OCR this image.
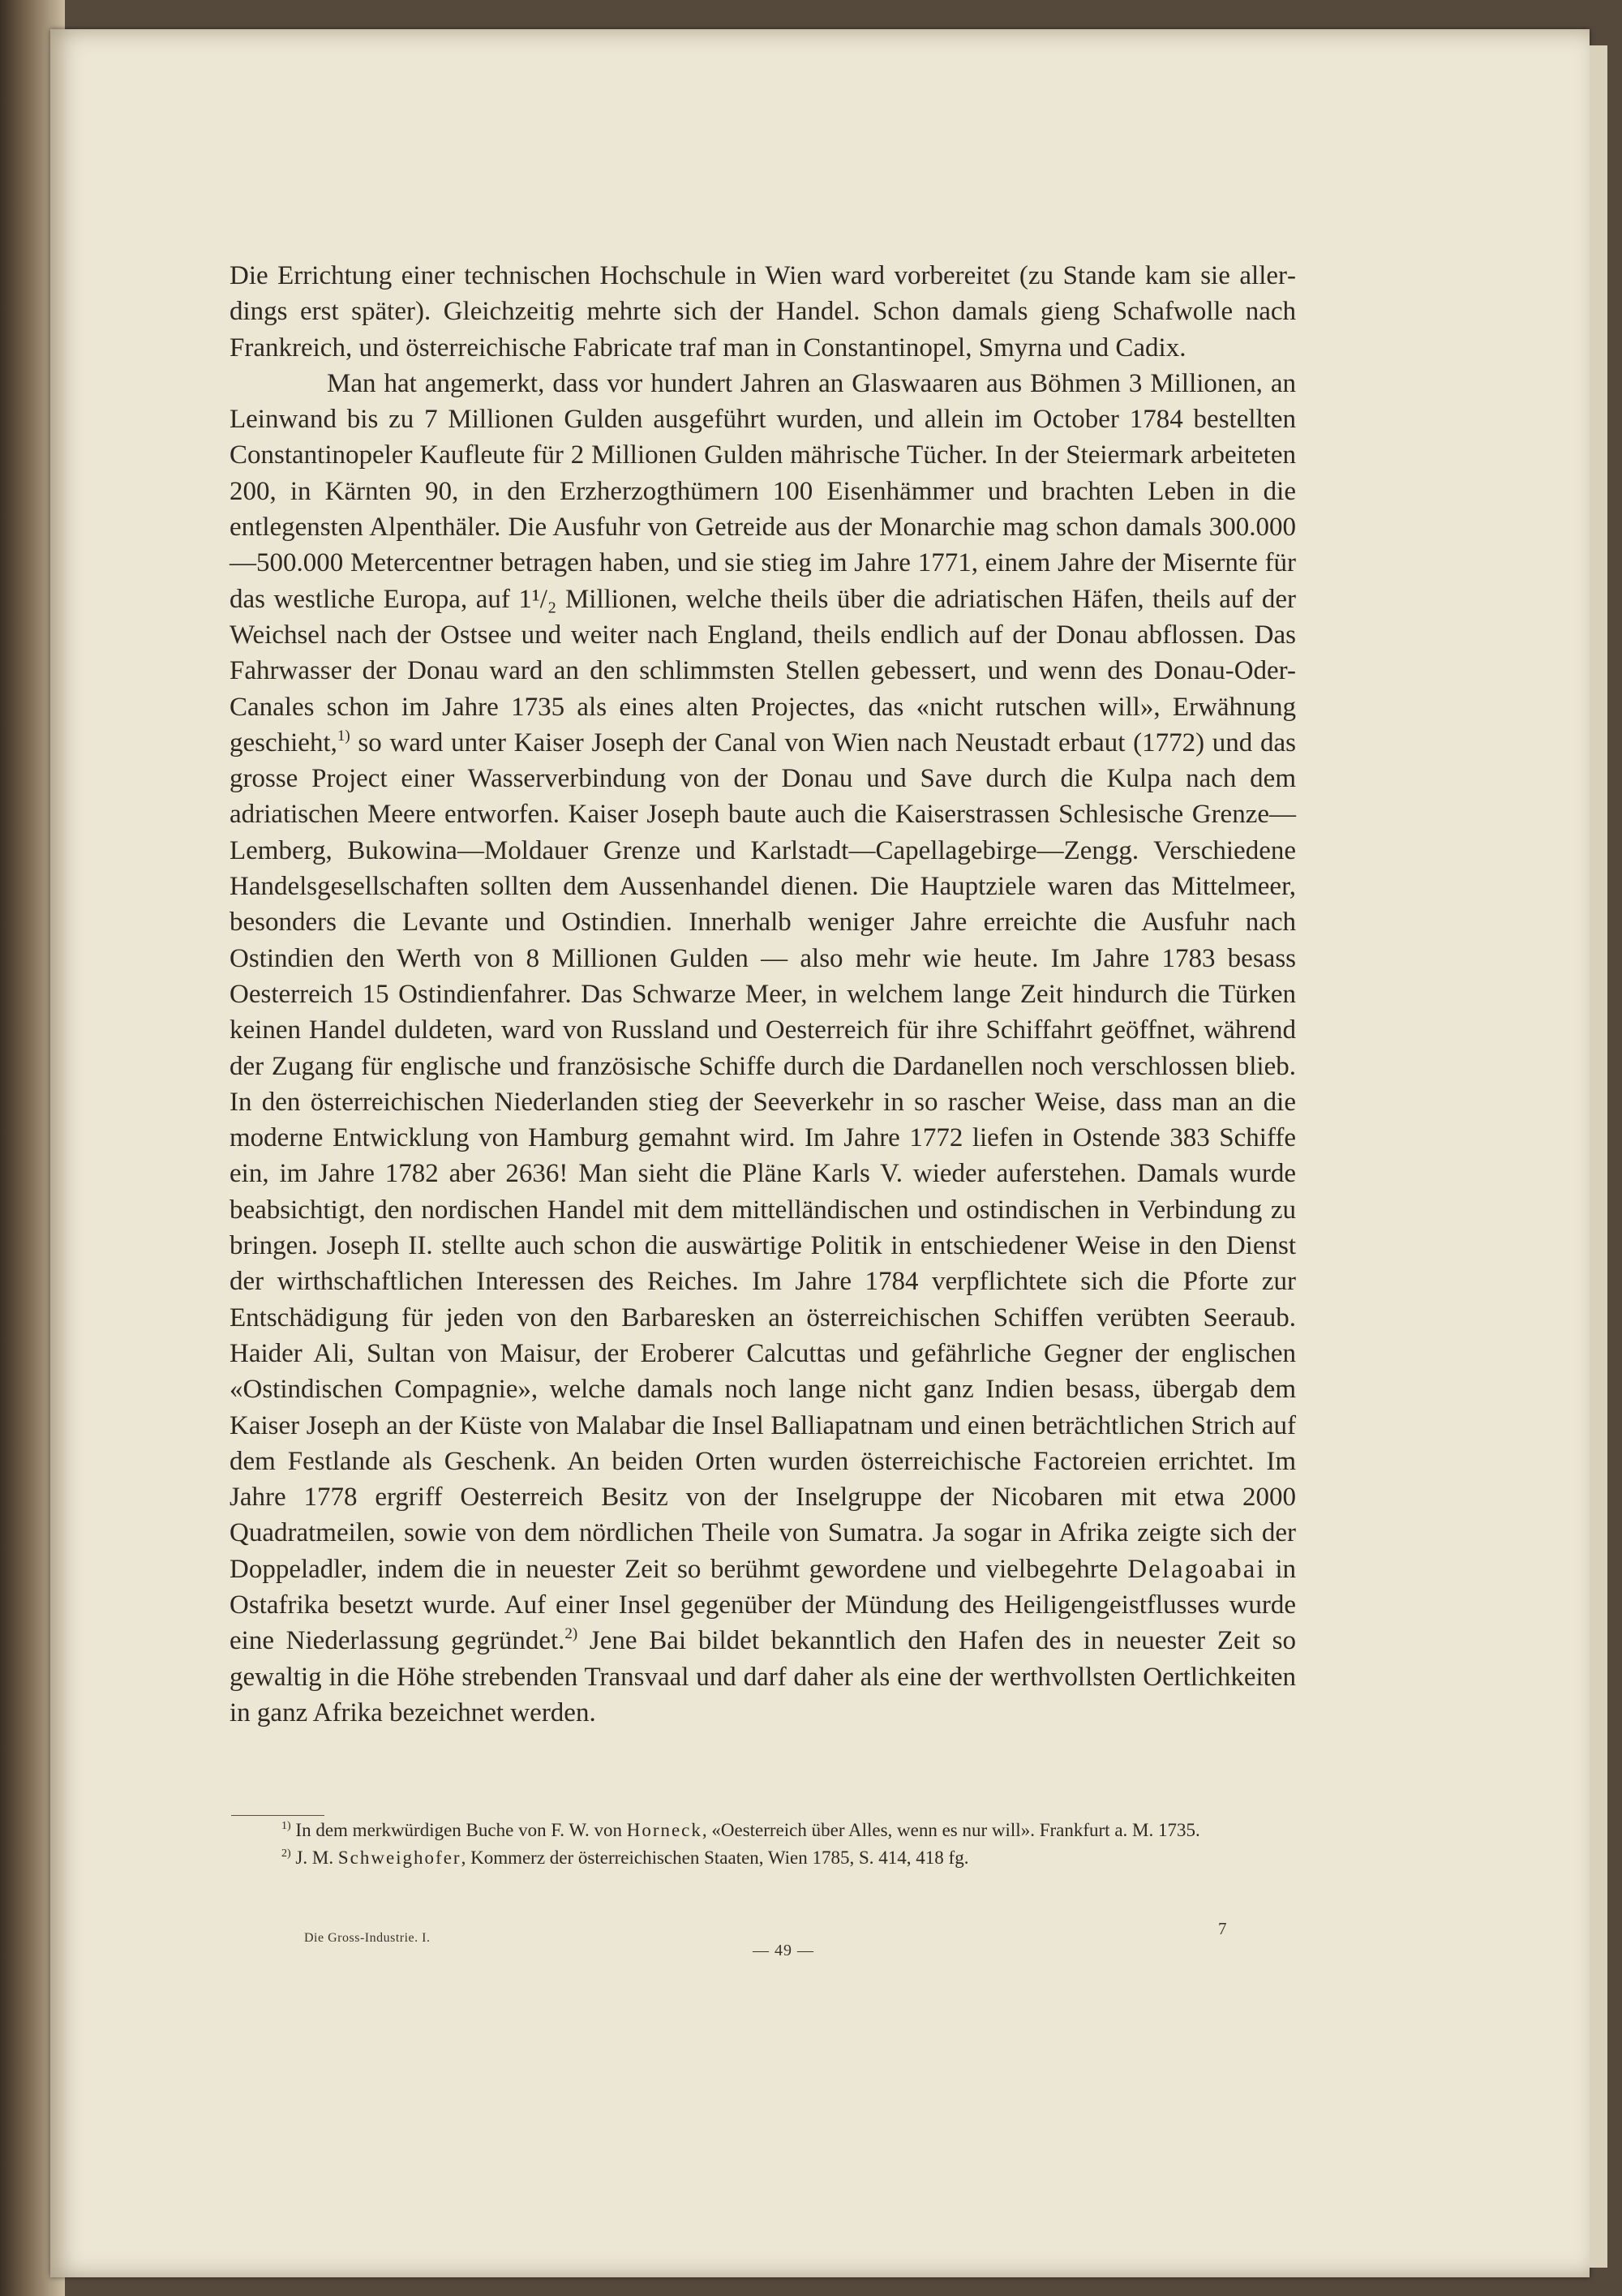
Die Errichtung einer technischen Hochschule in Wien ward vorbereitet (zu Stande kam sie allerdings erst später). Gleichzeitig mehrte sich der Handel. Schon damals gieng Schafwolle nach Frankreich, und österreichische Fabricate traf man in Constantinopel, Smyrna und Cadix.

Man hat angemerkt, dass vor hundert Jahren an Glaswaaren aus Böhmen 3 Millionen, an Leinwand bis zu 7 Millionen Gulden ausgeführt wurden, und allein im October 1784 bestellten Constantinopeler Kaufleute für 2 Millionen Gulden mährische Tücher. In der Steiermark arbeiteten 200, in Kärnten 90, in den Erzherzogthümern 100 Eisenhämmer und brachten Leben in die entlegensten Alpenthäler. Die Ausfuhr von Getreide aus der Monarchie mag schon damals 300.000—500.000 Metercentner betragen haben, und sie stieg im Jahre 1771, einem Jahre der Misernte für das westliche Europa, auf 1¹/₂ Millionen, welche theils über die adriatischen Häfen, theils auf der Weichsel nach der Ostsee und weiter nach England, theils endlich auf der Donau abflossen. Das Fahrwasser der Donau ward an den schlimmsten Stellen gebessert, und wenn des Donau-Oder-Canales schon im Jahre 1735 als eines alten Projectes, das «nicht rutschen will», Erwähnung geschieht,$^{1)}$ so ward unter Kaiser Joseph der Canal von Wien nach Neustadt erbaut (1772) und das grosse Project einer Wasserverbindung von der Donau und Save durch die Kulpa nach dem adriatischen Meere entworfen. Kaiser Joseph baute auch die Kaiserstrassen Schlesische Grenze—Lemberg, Bukowina—Moldauer Grenze und Karlstadt—Capellagebirge—Zengg. Verschiedene Handelsgesellschaften sollten dem Aussenhandel dienen. Die Hauptziele waren das Mittelmeer, besonders die Levante und Ostindien. Innerhalb weniger Jahre erreichte die Ausfuhr nach Ostindien den Werth von 8 Millionen Gulden — also mehr wie heute. Im Jahre 1783 besass Oesterreich 15 Ostindienfahrer. Das Schwarze Meer, in welchem lange Zeit hindurch die Türken keinen Handel duldeten, ward von Russland und Oesterreich für ihre Schiffahrt geöffnet, während der Zugang für englische und französische Schiffe durch die Dardanellen noch verschlossen blieb. In den österreichischen Niederlanden stieg der Seeverkehr in so rascher Weise, dass man an die moderne Entwicklung von Hamburg gemahnt wird. Im Jahre 1772 liefen in Ostende 383 Schiffe ein, im Jahre 1782 aber 2636! Man sieht die Pläne Karls V. wieder auferstehen. Damals wurde beabsichtigt, den nordischen Handel mit dem mittelländischen und ostindischen in Verbindung zu bringen. Joseph II. stellte auch schon die auswärtige Politik in entschiedener Weise in den Dienst der wirthschaftlichen Interessen des Reiches. Im Jahre 1784 verpflichtete sich die Pforte zur Entschädigung für jeden von den Barbaresken an österreichischen Schiffen verübten Seeraub. Haider Ali, Sultan von Maisur, der Eroberer Calcuttas und gefährliche Gegner der englischen «Ostindischen Compagnie», welche damals noch lange nicht ganz Indien besass, übergab dem Kaiser Joseph an der Küste von Malabar die Insel Balliapatnam und einen beträchtlichen Strich auf dem Festlande als Geschenk. An beiden Orten wurden österreichische Factoreien errichtet. Im Jahre 1778 ergriff Oesterreich Besitz von der Inselgruppe der Nicobaren mit etwa 2000 Quadratmeilen, sowie von dem nördlichen Theile von Sumatra. Ja sogar in Afrika zeigte sich der Doppeladler, indem die in neuester Zeit so berühmt gewordene und vielbegehrte Delagoabai in Ostafrika besetzt wurde. Auf einer Insel gegenüber der Mündung des Heiligengeistflusses wurde eine Niederlassung gegründet.$^{2)}$ Jene Bai bildet bekanntlich den Hafen des in neuester Zeit so gewaltig in die Höhe strebenden Transvaal und darf daher als eine der werthvollsten Oertlichkeiten in ganz Afrika bezeichnet werden.

$^{1)}$ In dem merkwürdigen Buche von F. W. von Horneck, «Oesterreich über Alles, wenn es nur will». Frankfurt a. M. 1735.
$^{2)}$ J. M. Schweighofer, Kommerz der österreichischen Staaten, Wien 1785, S. 414, 418 fg.

Die Gross-Industrie. I.	7
— 49 —
